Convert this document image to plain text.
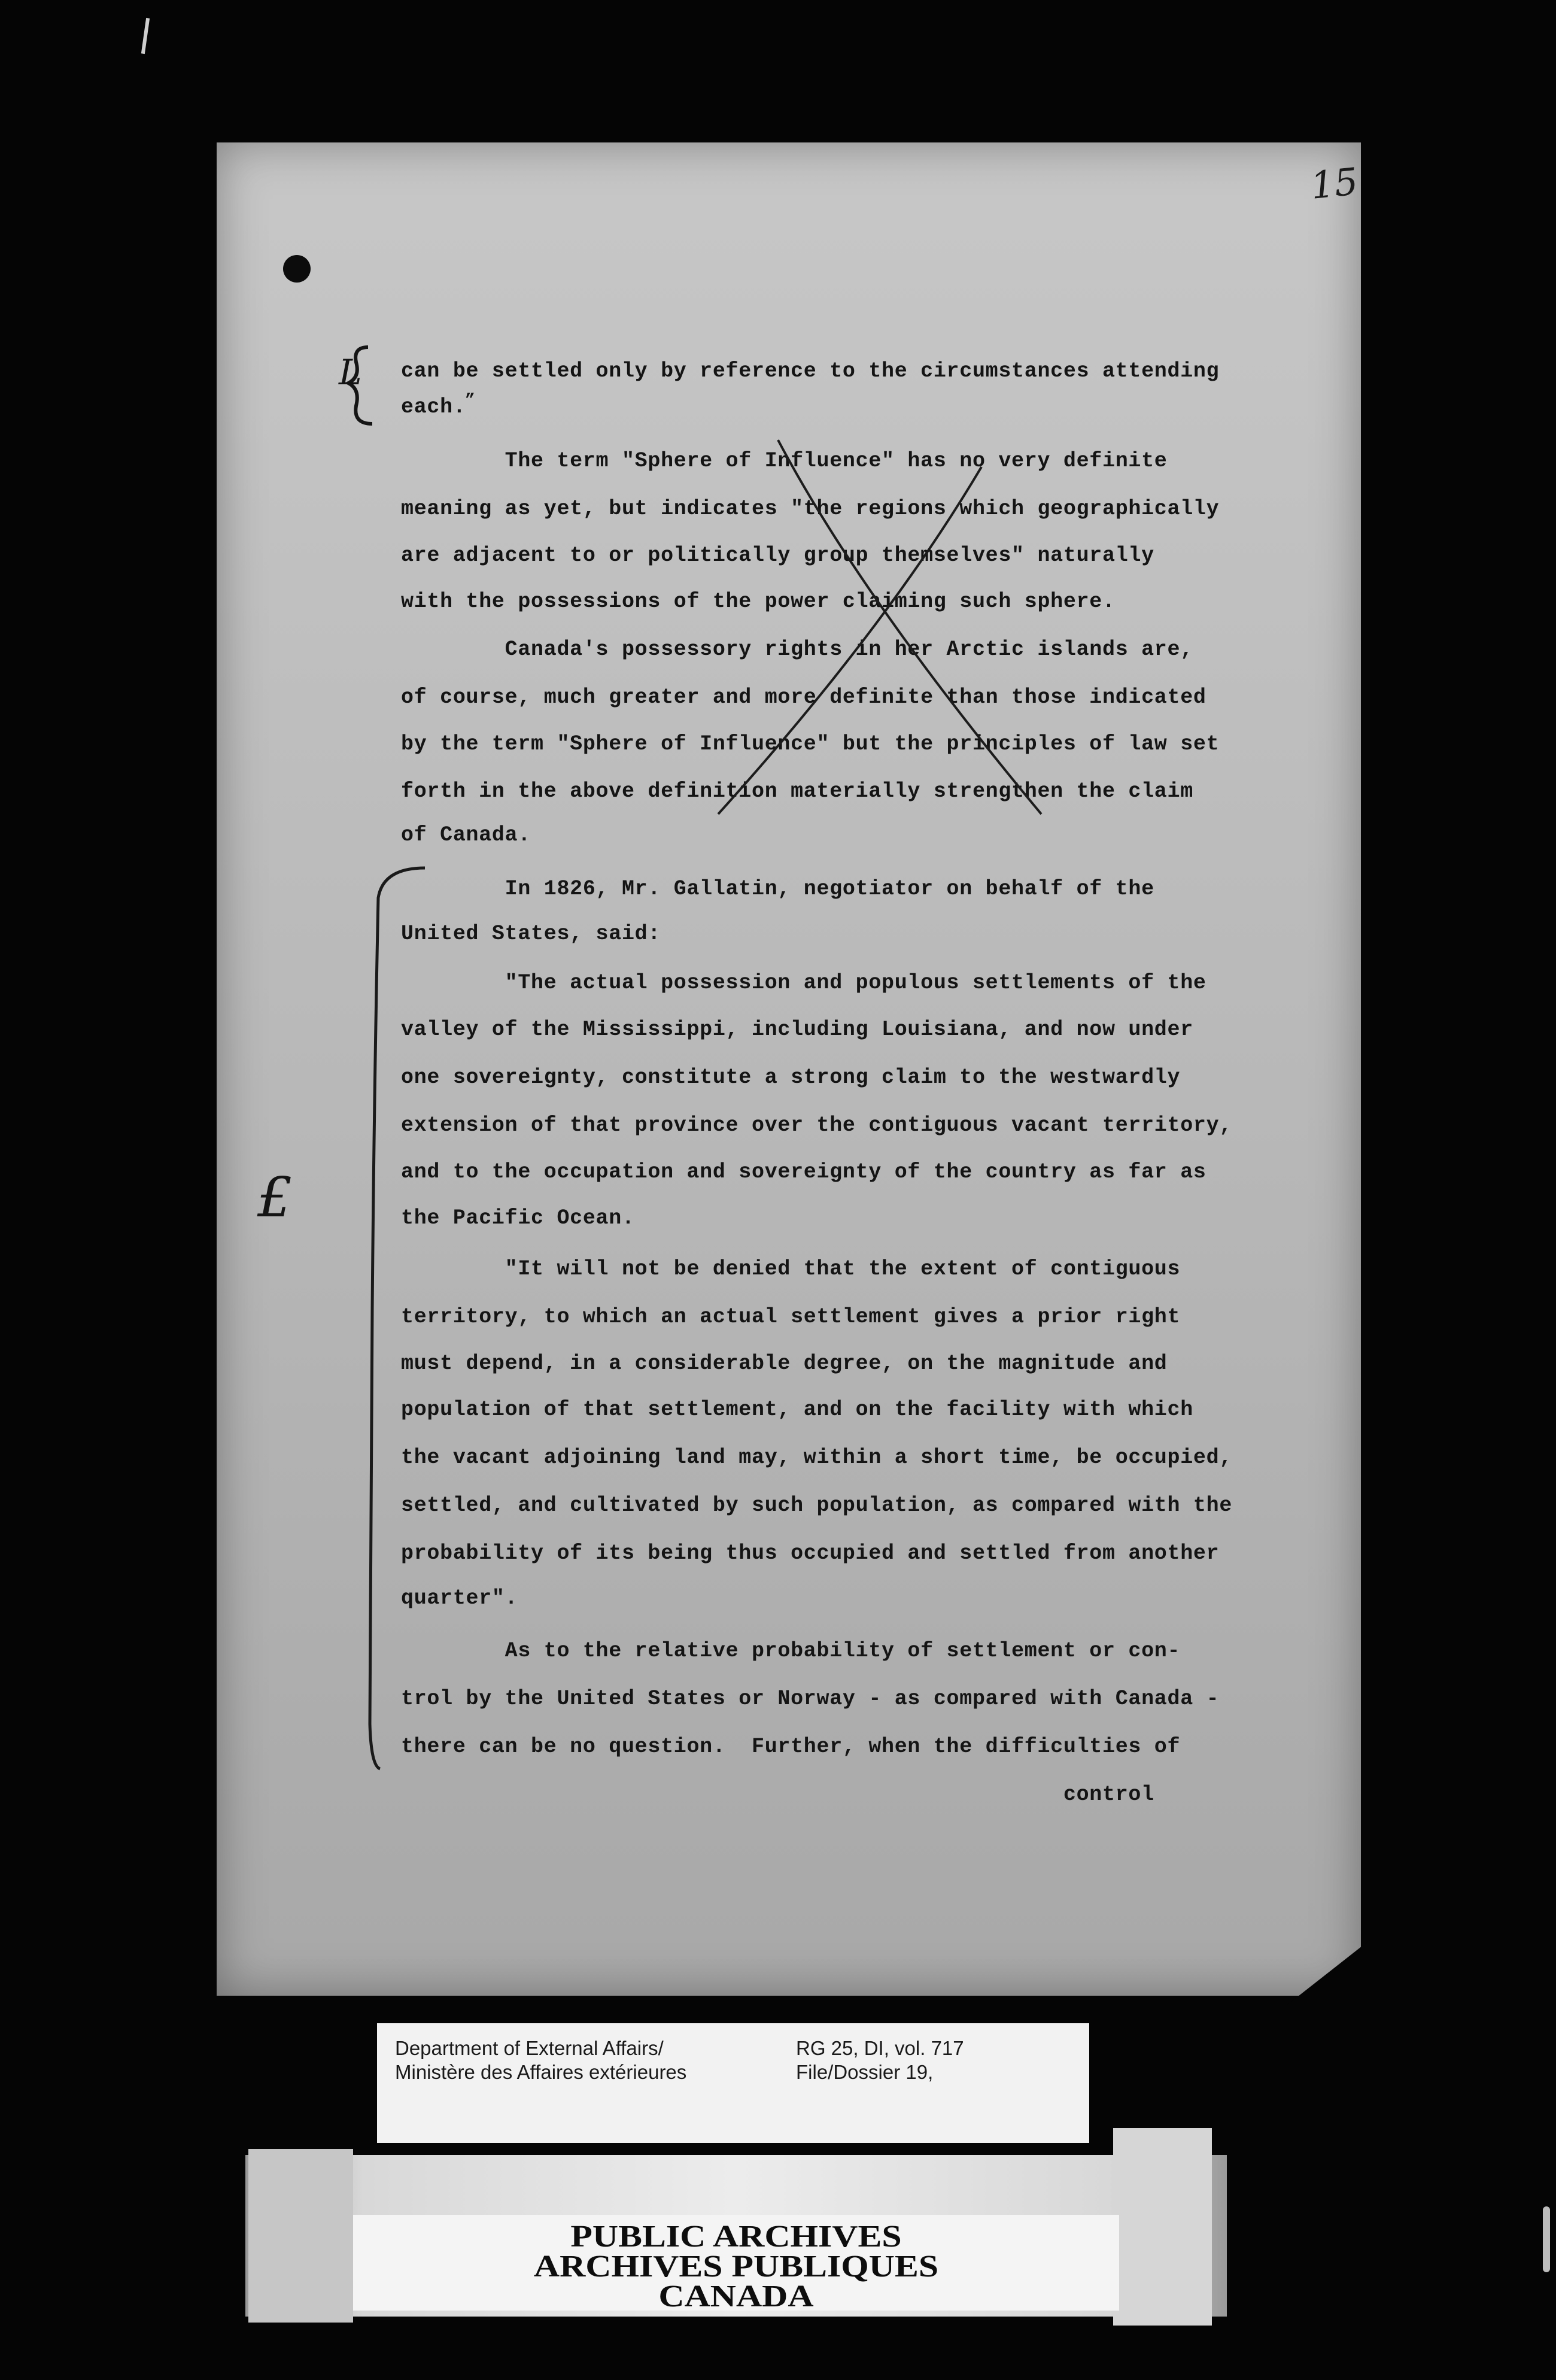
15
L
£
can be settled only by reference to the circumstances attending
each.
”
The term "Sphere of Influence" has no very definite
meaning as yet, but indicates "the regions which geographically
are adjacent to or politically group themselves" naturally
with the possessions of the power claiming such sphere.
Canada's possessory rights in her Arctic islands are,
of course, much greater and more definite than those indicated
by the term "Sphere of Influence" but the principles of law set
forth in the above definition materially strengthen the claim
of Canada.
In 1826, Mr. Gallatin, negotiator on behalf of the
United States, said:
"The actual possession and populous settlements of the
valley of the Mississippi, including Louisiana, and now under
one sovereignty, constitute a strong claim to the westwardly
extension of that province over the contiguous vacant territory,
and to the occupation and sovereignty of the country as far as
the Pacific Ocean.
"It will not be denied that the extent of contiguous
territory, to which an actual settlement gives a prior right
must depend, in a considerable degree, on the magnitude and
population of that settlement, and on the facility with which
the vacant adjoining land may, within a short time, be occupied,
settled, and cultivated by such population, as compared with the
probability of its being thus occupied and settled from another
quarter".
As to the relative probability of settlement or con-
trol by the United States or Norway - as compared with Canada -
there can be no question.  Further, when the difficulties of
control
Department of External Affairs/
Ministère des Affaires extérieures
RG 25, DI, vol. 717
File/Dossier 19,
PUBLIC ARCHIVES
ARCHIVES PUBLIQUES
CANADA
